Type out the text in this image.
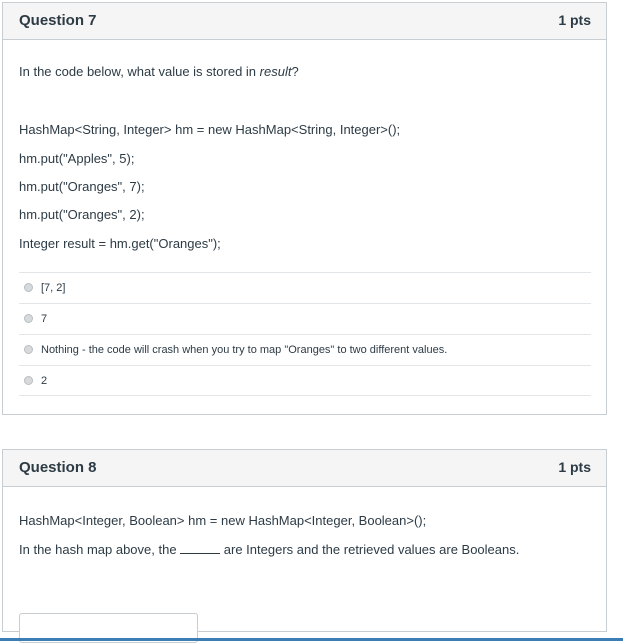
Question 7	1 pts
In the code below, what value is stored in result?
HashMap<String, Integer> hm = new HashMap<String, Integer>();
hm.put("Apples", 5);
hm.put("Oranges", 7);
hm.put("Oranges", 2);
Integer result = hm.get("Oranges");
[7, 2]
7
Nothing - the code will crash when you try to map "Oranges" to two different values.
2
Question 8	1 pts
HashMap<Integer, Boolean> hm = new HashMap<Integer, Boolean>();
In the hash map above, the	are Integers and the retrieved values are Booleans.
